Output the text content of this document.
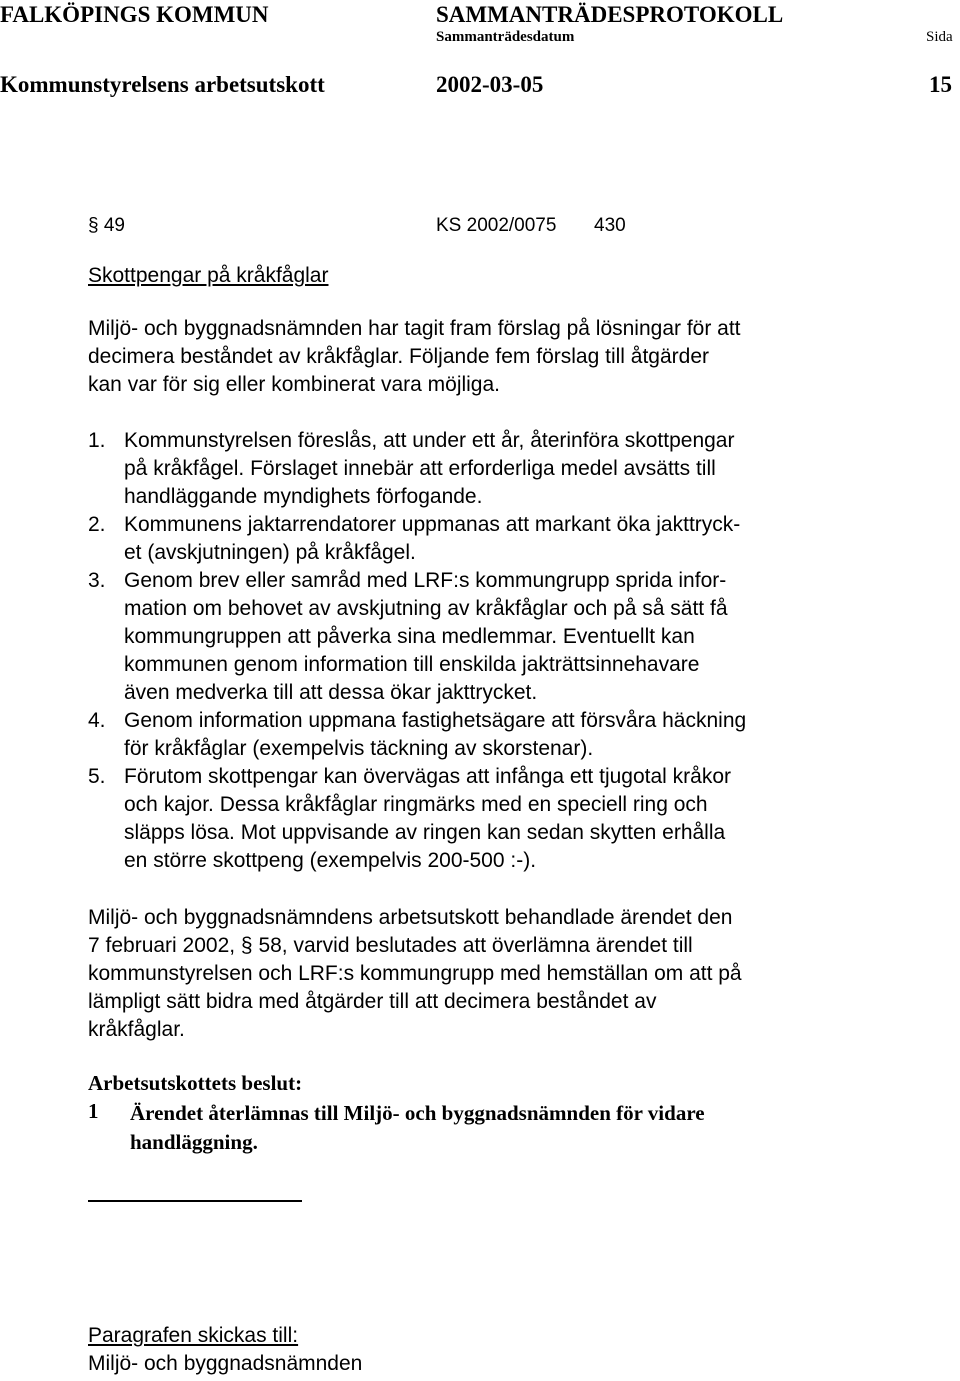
FALKÖPINGS KOMMUN	SAMMANTRÄDESPROTOKOLL
Sammanträdesdatum	Sida
Kommunstyrelsens arbetsutskott	2002-03-05	15
§ 49	KS 2002/0075 430
Skottpengar på kråkfåglar
Miljö- och byggnadsnämnden har tagit fram förslag på lösningar för att
decimera beståndet av kråkfåglar. Följande fem förslag till åtgärder
kan var för sig eller kombinerat vara möjliga.
1. Kommunstyrelsen föreslås, att under ett år, återinföra skottpengar
på kråkfågel. Förslaget innebär att erforderliga medel avsätts till
handläggande myndighets förfogande.
2. Kommunens jaktarrendatorer uppmanas att markant öka jakttryck-
et (avskjutningen) på kråkfågel.
3. Genom brev eller samråd med LRF:s kommungrupp sprida infor-
mation om behovet av avskjutning av kråkfåglar och på så sätt få
kommungruppen att påverka sina medlemmar. Eventuellt kan
kommunen genom information till enskilda jakträttsinnehavare
även medverka till att dessa ökar jakttrycket.
4. Genom information uppmana fastighetsägare att försvåra häckning
för kråkfåglar (exempelvis täckning av skorstenar).
5. Förutom skottpengar kan övervägas att infånga ett tjugotal kråkor
och kajor. Dessa kråkfåglar ringmärks med en speciell ring och
släpps lösa. Mot uppvisande av ringen kan sedan skytten erhålla
en större skottpeng (exempelvis 200-500 :-).
Miljö- och byggnadsnämndens arbetsutskott behandlade ärendet den
7 februari 2002, § 58, varvid beslutades att överlämna ärendet till
kommunstyrelsen och LRF:s kommungrupp med hemställan om att på
lämpligt sätt bidra med åtgärder till att decimera beståndet av
kråkfåglar.
Arbetsutskottets beslut:
1 Ärendet återlämnas till Miljö- och byggnadsnämnden för vidare
handläggning.
Paragrafen skickas till:
Miljö- och byggnadsnämnden
